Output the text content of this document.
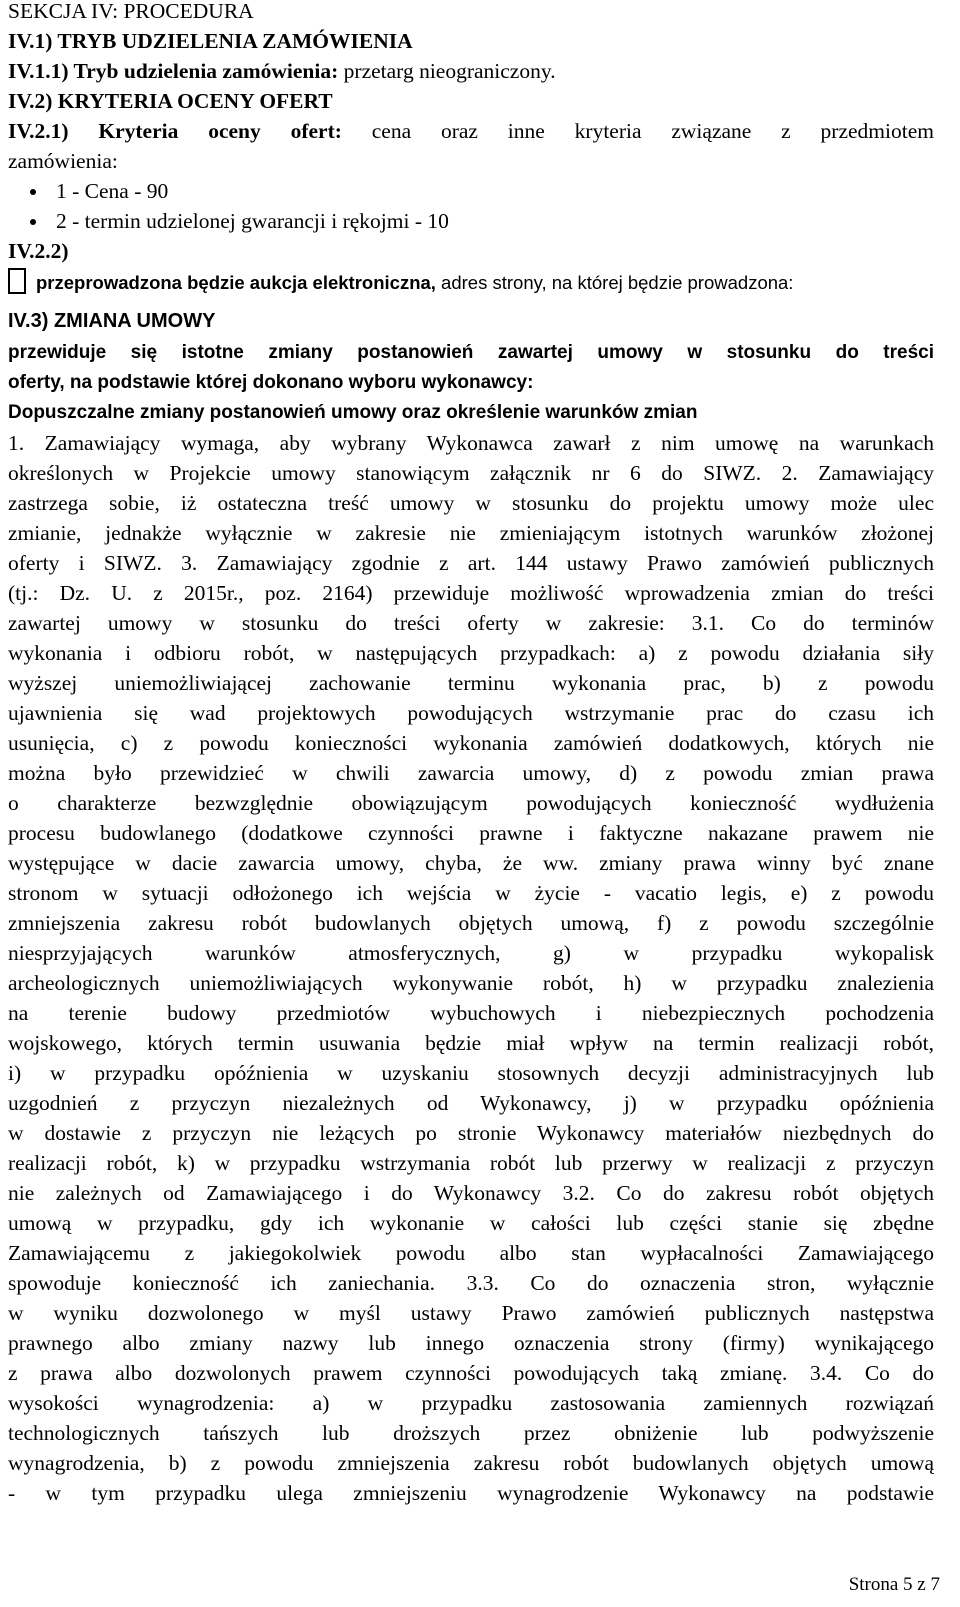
SEKCJA IV: PROCEDURA
IV.1) TRYB UDZIELENIA ZAMÓWIENIA
IV.1.1) Tryb udzielenia zamówienia: przetarg nieograniczony.
IV.2) KRYTERIA OCENY OFERT
IV.2.1) Kryteria oceny ofert: cena oraz inne kryteria związane z przedmiotem
zamówienia:
1 - Cena - 90
2 - termin udzielonej gwarancji i rękojmi - 10
IV.2.2)
przeprowadzona będzie aukcja elektroniczna, adres strony, na której będzie prowadzona:
IV.3) ZMIANA UMOWY
przewiduje się istotne zmiany postanowień zawartej umowy w stosunku do treści
oferty, na podstawie której dokonano wyboru wykonawcy:
Dopuszczalne zmiany postanowień umowy oraz określenie warunków zmian
1. Zamawiający wymaga, aby wybrany Wykonawca zawarł z nim umowę na warunkach
określonych w Projekcie umowy stanowiącym załącznik nr 6 do SIWZ. 2. Zamawiający
zastrzega sobie, iż ostateczna treść umowy w stosunku do projektu umowy może ulec
zmianie, jednakże wyłącznie w zakresie nie zmieniającym istotnych warunków złożonej
oferty i SIWZ. 3. Zamawiający zgodnie z art. 144 ustawy Prawo zamówień publicznych
(tj.: Dz. U. z 2015r., poz. 2164) przewiduje możliwość wprowadzenia zmian do treści
zawartej umowy w stosunku do treści oferty w zakresie: 3.1. Co do terminów
wykonania i odbioru robót, w następujących przypadkach: a) z powodu działania siły
wyższej uniemożliwiającej zachowanie terminu wykonania prac, b) z powodu
ujawnienia się wad projektowych powodujących wstrzymanie prac do czasu ich
usunięcia, c) z powodu konieczności wykonania zamówień dodatkowych, których nie
można było przewidzieć w chwili zawarcia umowy, d) z powodu zmian prawa
o charakterze bezwzględnie obowiązującym powodujących konieczność wydłużenia
procesu budowlanego (dodatkowe czynności prawne i faktyczne nakazane prawem nie
występujące w dacie zawarcia umowy, chyba, że ww. zmiany prawa winny być znane
stronom w sytuacji odłożonego ich wejścia w życie - vacatio legis, e) z powodu
zmniejszenia zakresu robót budowlanych objętych umową, f) z powodu szczególnie
niesprzyjających warunków atmosferycznych, g) w przypadku wykopalisk
archeologicznych uniemożliwiających wykonywanie robót, h) w przypadku znalezienia
na terenie budowy przedmiotów wybuchowych i niebezpiecznych pochodzenia
wojskowego, których termin usuwania będzie miał wpływ na termin realizacji robót,
i) w przypadku opóźnienia w uzyskaniu stosownych decyzji administracyjnych lub
uzgodnień z przyczyn niezależnych od Wykonawcy, j) w przypadku opóźnienia
w dostawie z przyczyn nie leżących po stronie Wykonawcy materiałów niezbędnych do
realizacji robót, k) w przypadku wstrzymania robót lub przerwy w realizacji z przyczyn
nie zależnych od Zamawiającego i do Wykonawcy 3.2. Co do zakresu robót objętych
umową w przypadku, gdy ich wykonanie w całości lub części stanie się zbędne
Zamawiającemu z jakiegokolwiek powodu albo stan wypłacalności Zamawiającego
spowoduje konieczność ich zaniechania. 3.3. Co do oznaczenia stron, wyłącznie
w wyniku dozwolonego w myśl ustawy Prawo zamówień publicznych następstwa
prawnego albo zmiany nazwy lub innego oznaczenia strony (firmy) wynikającego
z prawa albo dozwolonych prawem czynności powodujących taką zmianę. 3.4. Co do
wysokości wynagrodzenia: a) w przypadku zastosowania zamiennych rozwiązań
technologicznych tańszych lub droższych przez obniżenie lub podwyższenie
wynagrodzenia, b) z powodu zmniejszenia zakresu robót budowlanych objętych umową
- w tym przypadku ulega zmniejszeniu wynagrodzenie Wykonawcy na podstawie
Strona 5 z 7
